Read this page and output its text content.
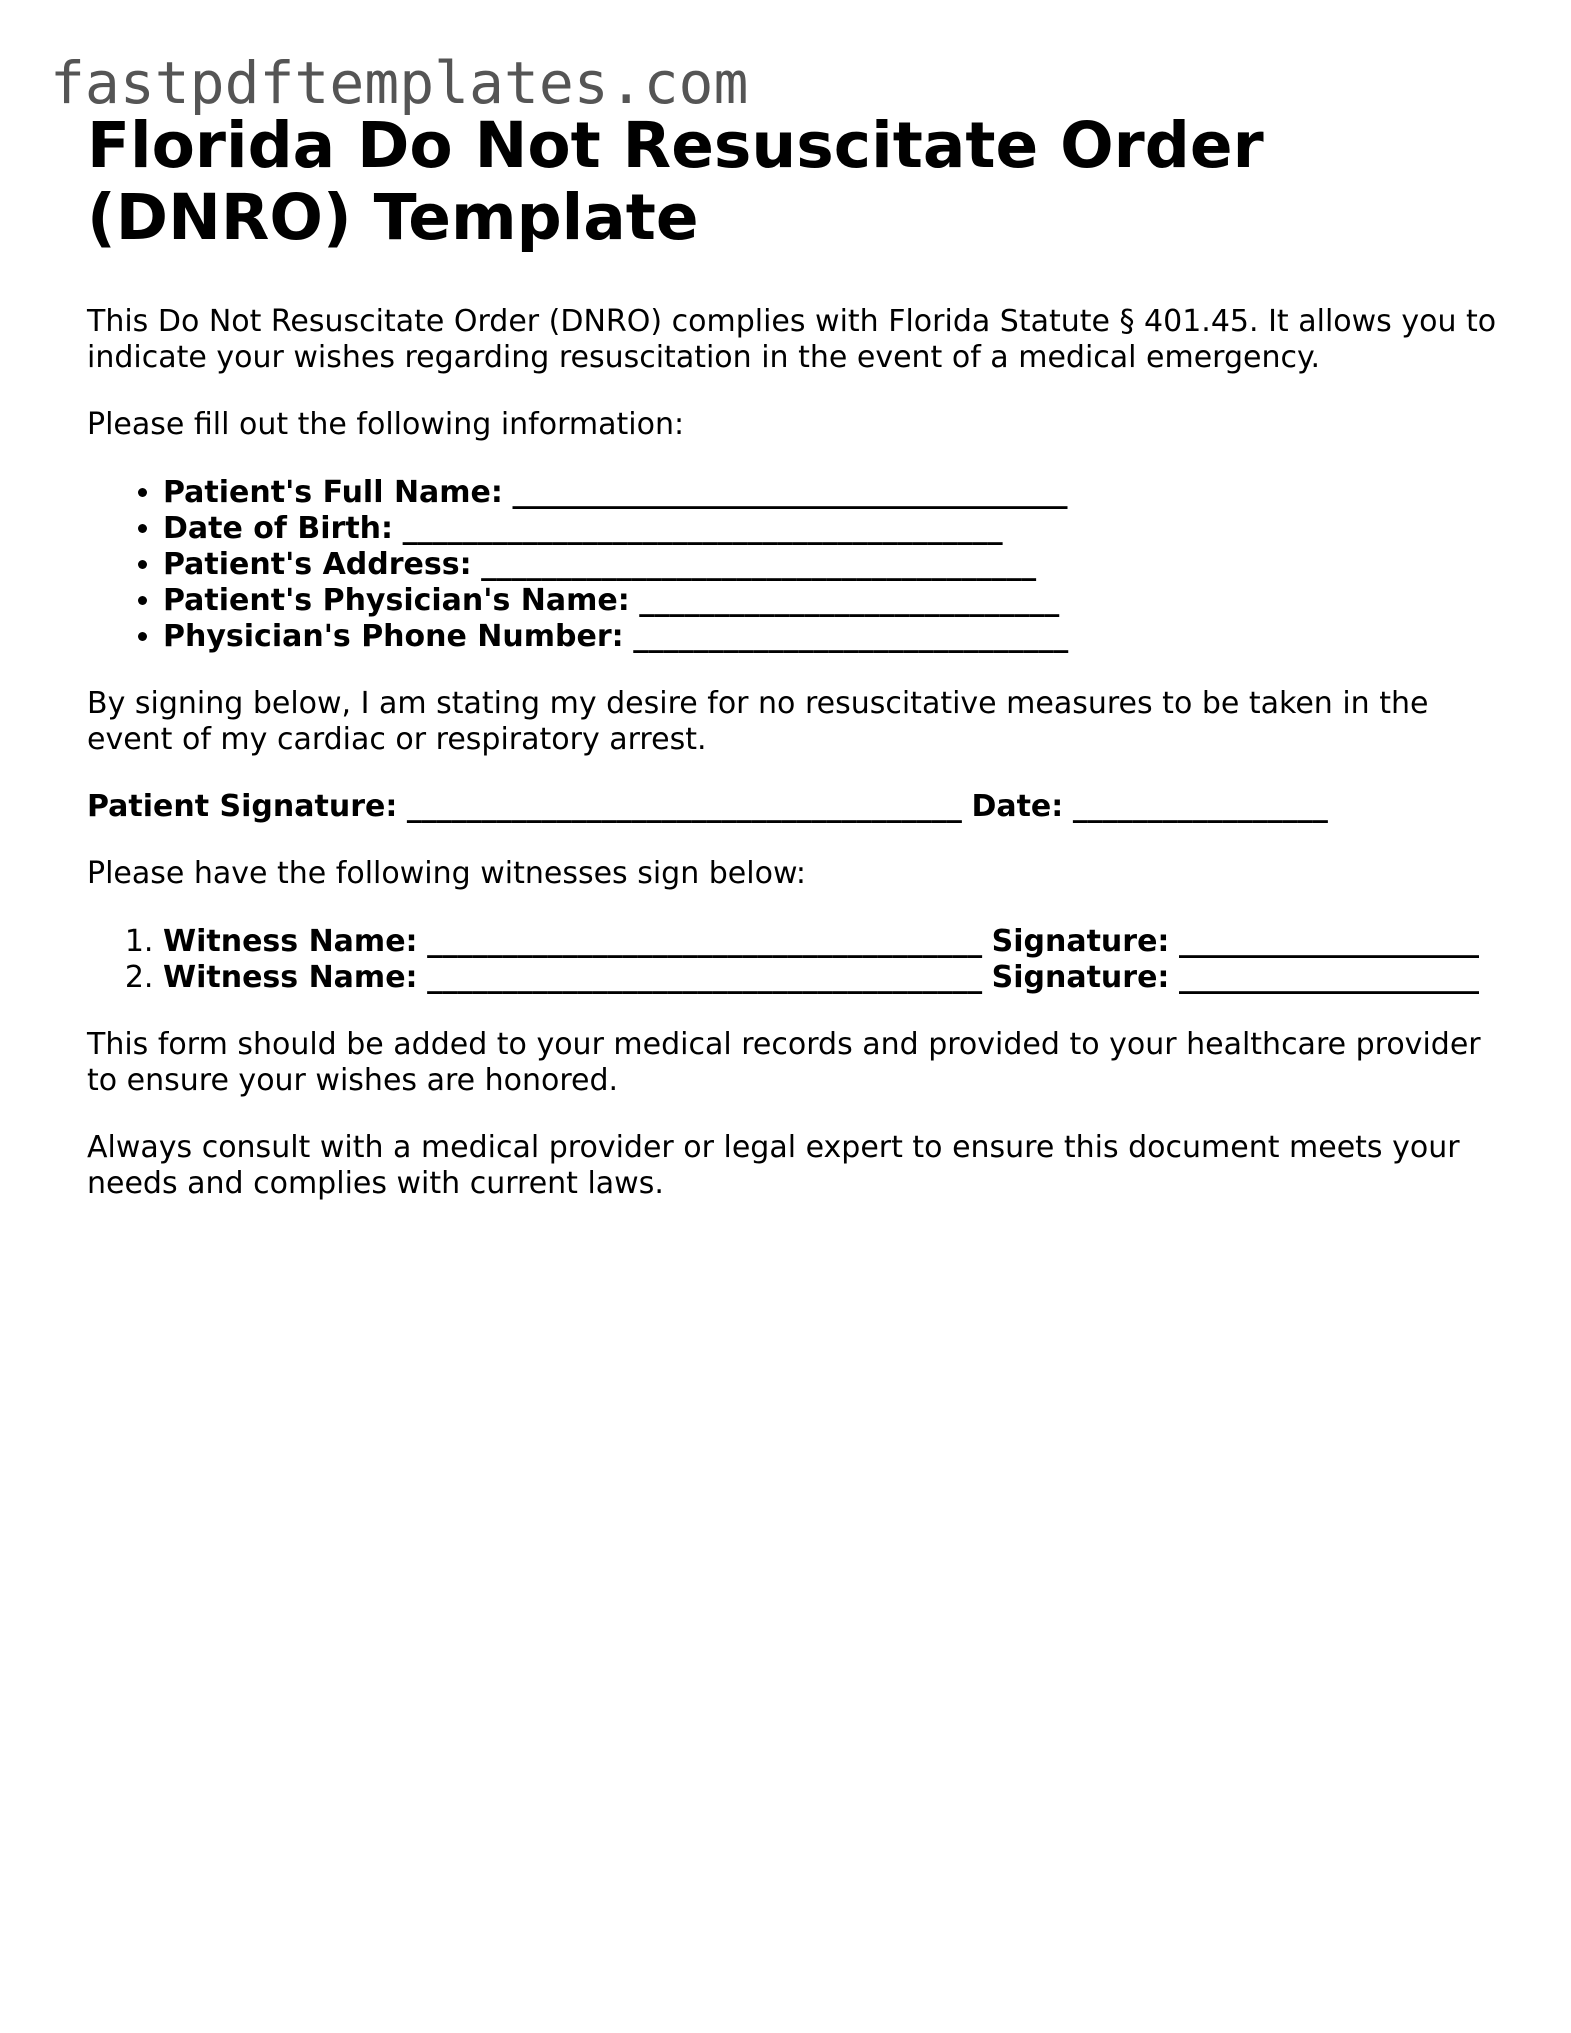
fastpdftemplates.com
Florida Do Not Resuscitate Order (DNRO) Template

This Do Not Resuscitate Order (DNRO) complies with Florida Statute § 401.45. It allows you to indicate your wishes regarding resuscitation in the event of a medical emergency.

Please fill out the following information:

• Patient's Full Name: _____________________________________
• Date of Birth: ________________________________________
• Patient's Address: _____________________________________
• Patient's Physician's Name: ____________________________
• Physician's Phone Number: _____________________________

By signing below, I am stating my desire for no resuscitative measures to be taken in the event of my cardiac or respiratory arrest.

Patient Signature: _____________________________________ Date: _________________

Please have the following witnesses sign below:

1. Witness Name: _____________________________________ Signature: ____________________
2. Witness Name: _____________________________________ Signature: ____________________

This form should be added to your medical records and provided to your healthcare provider to ensure your wishes are honored.

Always consult with a medical provider or legal expert to ensure this document meets your needs and complies with current laws.
